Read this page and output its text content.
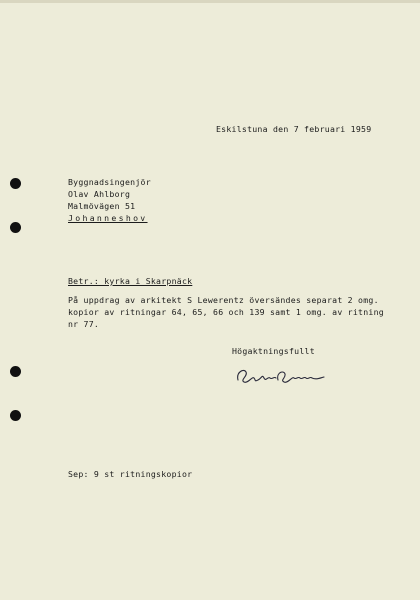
Eskilstuna den 7 februari 1959
Byggnadsingenjör
Olav Ahlborg
Malmövägen 51
Johanneshov
Betr.: kyrka i Skarpnäck
På uppdrag av arkitekt S Lewerentz översändes separat 2 omg.
kopior av ritningar 64, 65, 66 och 139 samt 1 omg. av ritning
nr 77.
Högaktningsfullt
Sep: 9 st ritningskopior
